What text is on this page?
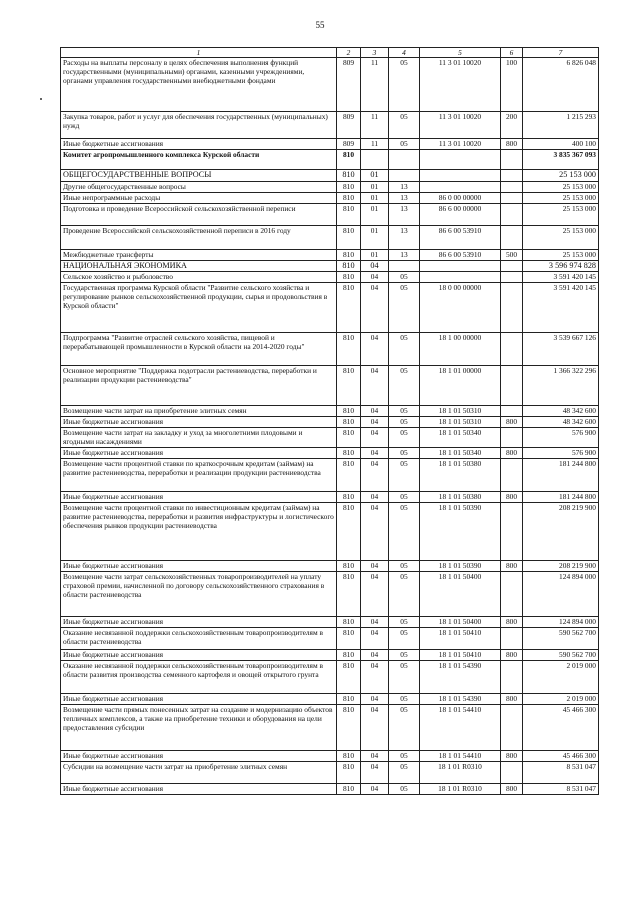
55
1	2	3	4	5	6	7
Расходы на выплаты персоналу в целях обеспечения выполнения функций государственными (муниципальными) органами, казенными учреждениями, органами управления государственными внебюджетными фондами	809	11	05	11 3 01 10020	100	6 826 048
Закупка товаров, работ и услуг для обеспечения государственных (муниципальных) нужд	809	11	05	11 3 01 10020	200	1 215 293
Иные бюджетные ассигнования	809	11	05	11 3 01 10020	800	400 100
Комитет агропромышленного комплекса Курской области	810					3 835 367 093
ОБЩЕГОСУДАРСТВЕННЫЕ ВОПРОСЫ	810	01				25 153 000
Другие общегосударственные вопросы	810	01	13			25 153 000
Иные непрограммные расходы	810	01	13	86 0 00 00000		25 153 000
Подготовка и проведение Всероссийской сельскохозяйственной переписи	810	01	13	86 6 00 00000		25 153 000
Проведение Всероссийской сельскохозяйственной переписи в 2016 году	810	01	13	86 6 00 53910		25 153 000
Межбюджетные трансферты	810	01	13	86 6 00 53910	500	25 153 000
НАЦИОНАЛЬНАЯ ЭКОНОМИКА	810	04				3 596 974 828
Сельское хозяйство и рыболовство	810	04	05			3 591 420 145
Государственная программа Курской области "Развитие сельского хозяйства и регулирование рынков сельскохозяйственной продукции, сырья и продовольствия в Курской области"	810	04	05	18 0 00 00000		3 591 420 145
Подпрограмма "Развитие отраслей сельского хозяйства, пищевой и перерабатывающей промышленности в Курской области на 2014-2020 годы"	810	04	05	18 1 00 00000		3 539 667 126
Основное мероприятие "Поддержка подотрасли растениеводства, переработки и реализации продукции растениеводства"	810	04	05	18 1 01 00000		1 366 322 296
Возмещение части затрат на приобретение элитных семян	810	04	05	18 1 01 50310		48 342 600
Иные бюджетные ассигнования	810	04	05	18 1 01 50310	800	48 342 600
Возмещение части затрат на закладку и уход за многолетними плодовыми и ягодными насаждениями	810	04	05	18 1 01 50340		576 900
Иные бюджетные ассигнования	810	04	05	18 1 01 50340	800	576 900
Возмещение части процентной ставки по краткосрочным кредитам (займам) на развитие растениеводства, переработки и реализации продукции растениеводства	810	04	05	18 1 01 50380		181 244 800
Иные бюджетные ассигнования	810	04	05	18 1 01 50380	800	181 244 800
Возмещение части процентной ставки по инвестиционным кредитам (займам) на развитие растениеводства, переработки и развития инфраструктуры и логистического обеспечения рынков продукции растениеводства	810	04	05	18 1 01 50390		208 219 900
Иные бюджетные ассигнования	810	04	05	18 1 01 50390	800	208 219 900
Возмещение части затрат сельскохозяйственных товаропроизводителей на уплату страховой премии, начисленной по договору сельскохозяйственного страхования в области растениеводства	810	04	05	18 1 01 50400		124 894 000
Иные бюджетные ассигнования	810	04	05	18 1 01 50400	800	124 894 000
Оказание несвязанной поддержки сельскохозяйственным товаропроизводителям в области растениеводства	810	04	05	18 1 01 50410		590 562 700
Иные бюджетные ассигнования	810	04	05	18 1 01 50410	800	590 562 700
Оказание несвязанной поддержки сельскохозяйственным товаропроизводителям в области развития производства семенного картофеля и овощей открытого грунта	810	04	05	18 1 01 54390		2 019 000
Иные бюджетные ассигнования	810	04	05	18 1 01 54390	800	2 019 000
Возмещение части прямых понесенных затрат на создание и модернизацию объектов тепличных комплексов, а также на приобретение техники и оборудования на цели предоставления субсидии	810	04	05	18 1 01 54410		45 466 300
Иные бюджетные ассигнования	810	04	05	18 1 01 54410	800	45 466 300
Субсидии на возмещение части затрат на приобретение элитных семян	810	04	05	18 1 01 R0310		8 531 047
Иные бюджетные ассигнования	810	04	05	18 1 01 R0310	800	8 531 047
